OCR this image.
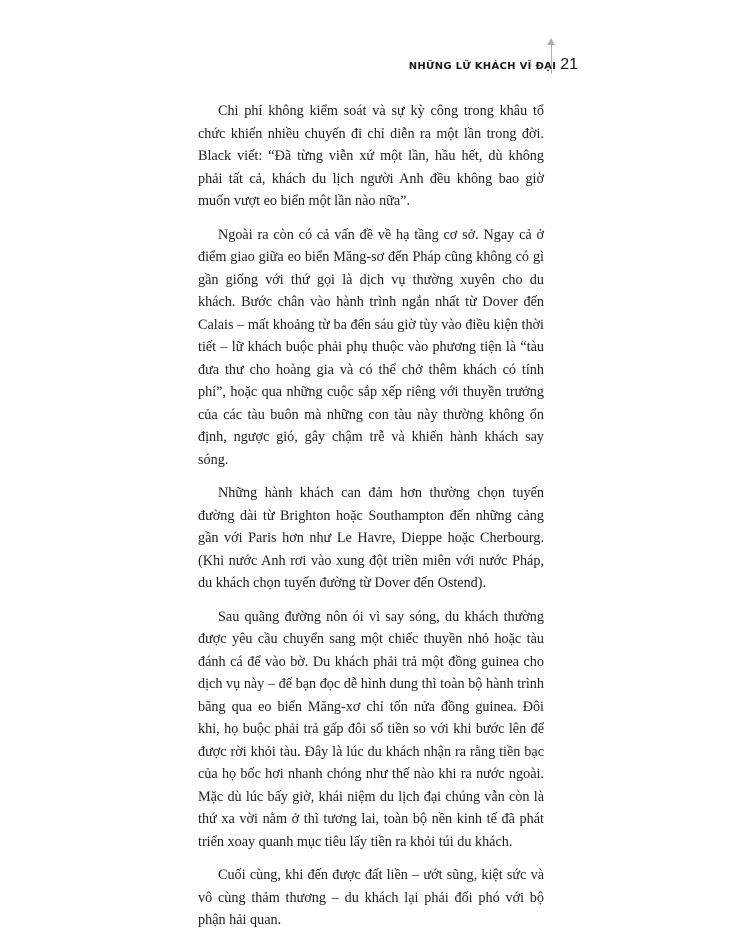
NHỮNG LỮ KHÁCH VĨ ĐẠI 21

Chi phí không kiểm soát và sự kỳ công trong khâu tổ chức khiến nhiều chuyến đi chỉ diễn ra một lần trong đời. Black viết: “Đã từng viễn xứ một lần, hầu hết, dù không phải tất cả, khách du lịch người Anh đều không bao giờ muốn vượt eo biển một lần nào nữa”.

Ngoài ra còn có cả vấn đề về hạ tầng cơ sở. Ngay cả ở điểm giao giữa eo biển Măng-sơ đến Pháp cũng không có gì gần giống với thứ gọi là dịch vụ thường xuyên cho du khách. Bước chân vào hành trình ngắn nhất từ Dover đến Calais – mất khoảng từ ba đến sáu giờ tùy vào điều kiện thời tiết – lữ khách buộc phải phụ thuộc vào phương tiện là “tàu đưa thư cho hoàng gia và có thể chở thêm khách có tính phí”, hoặc qua những cuộc sắp xếp riêng với thuyền trưởng của các tàu buôn mà những con tàu này thường không ổn định, ngược gió, gây chậm trễ và khiến hành khách say sóng.

Những hành khách can đảm hơn thường chọn tuyến đường dài từ Brighton hoặc Southampton đến những cảng gần với Paris hơn như Le Havre, Dieppe hoặc Cherbourg. (Khi nước Anh rơi vào xung đột triền miên với nước Pháp, du khách chọn tuyến đường từ Dover đến Ostend).

Sau quãng đường nôn ói vì say sóng, du khách thường được yêu cầu chuyển sang một chiếc thuyền nhỏ hoặc tàu đánh cá để vào bờ. Du khách phải trả một đồng guinea cho dịch vụ này – để bạn đọc dễ hình dung thì toàn bộ hành trình băng qua eo biển Măng-xơ chỉ tốn nửa đồng guinea. Đôi khi, họ buộc phải trả gấp đôi số tiền so với khi bước lên để được rời khỏi tàu. Đây là lúc du khách nhận ra rằng tiền bạc của họ bốc hơi nhanh chóng như thế nào khi ra nước ngoài. Mặc dù lúc bấy giờ, khái niệm du lịch đại chúng vẫn còn là thứ xa vời nằm ở thì tương lai, toàn bộ nền kinh tế đã phát triển xoay quanh mục tiêu lấy tiền ra khỏi túi du khách.

Cuối cùng, khi đến được đất liền – ướt sũng, kiệt sức và vô cùng thảm thương – du khách lại phải đối phó với bộ phận hải quan.
